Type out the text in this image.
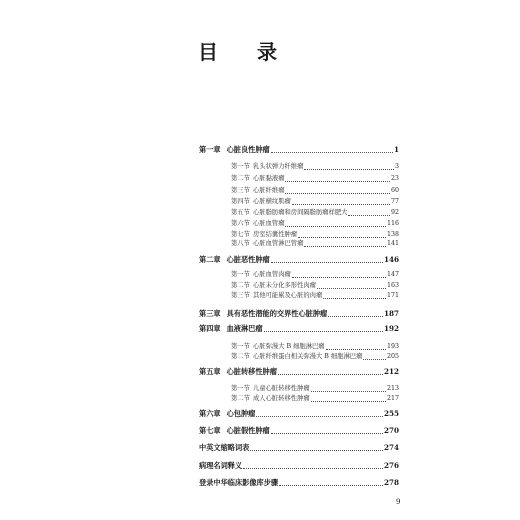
目 录
第一章 心脏良性肿瘤	1
第一节 乳头状弹力纤维瘤	3
第二节 心脏黏液瘤	23
第三节 心脏纤维瘤	60
第四节 心脏横纹肌瘤	77
第五节 心脏脂肪瘤和房间隔脂肪瘤样肥大	92
第六节 心脏血管瘤	116
第七节 房室结囊性肿瘤	138
第八节 心脏血管淋巴管瘤	141
第二章 心脏恶性肿瘤	146
第一节 心脏血管肉瘤	147
第二节 心脏未分化多形性肉瘤	163
第三节 其他可能累及心脏的肉瘤	171
第三章 具有恶性潜能的交界性心脏肿瘤	187
第四章 血液淋巴瘤	192
第一节 心脏弥漫大 B 细胞淋巴瘤	193
第二节 心脏纤维蛋白相关弥漫大 B 细胞淋巴瘤	205
第五章 心脏转移性肿瘤	212
第一节 儿童心脏转移性肿瘤	213
第二节 成人心脏转移性肿瘤	217
第六章 心包肿瘤	255
第七章 心脏假性肿瘤	270
中英文缩略词表	274
病理名词释义	276
登录中华临床影像库步骤	278
9
